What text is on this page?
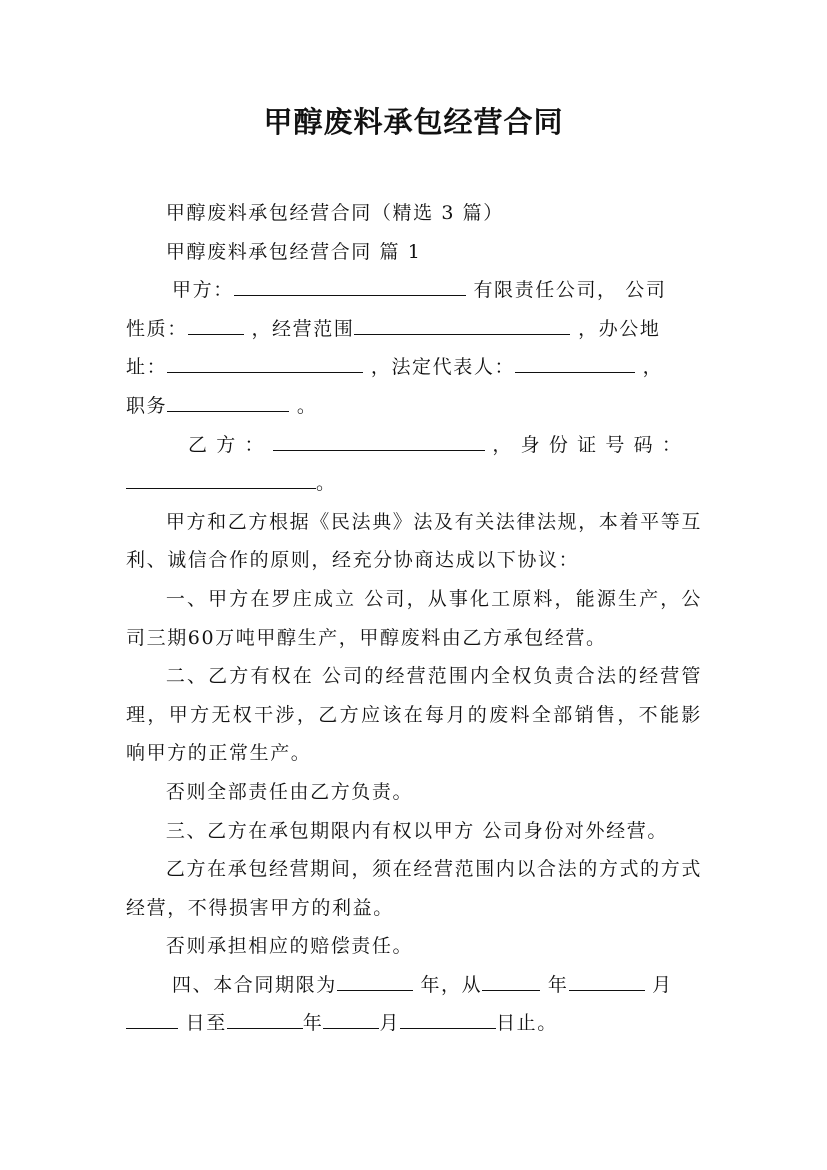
甲醇废料承包经营合同

甲醇废料承包经营合同（精选 3 篇）

甲醇废料承包经营合同 篇 1

甲方：	有限责任公司， 公司
性质：	，经营范围	，办公地
址：	，法定代表人：	，
职务	。
乙 方 ：	， 身 份 证 号 码 ：
。

甲方和乙方根据《民法典》法及有关法律法规，本着平等互利、诚信合作的原则，经充分协商达成以下协议：

一、甲方在罗庄成立 公司，从事化工原料，能源生产，公司三期60万吨甲醇生产，甲醇废料由乙方承包经营。

二、乙方有权在 公司的经营范围内全权负责合法的经营管理，甲方无权干涉，乙方应该在每月的废料全部销售，不能影响甲方的正常生产。

否则全部责任由乙方负责。

三、乙方在承包期限内有权以甲方 公司身份对外经营。

乙方在承包经营期间，须在经营范围内以合法的方式的方式经营，不得损害甲方的利益。

否则承担相应的赔偿责任。

四、本合同期限为	年，从	年	月
日至	年	月	日止。
